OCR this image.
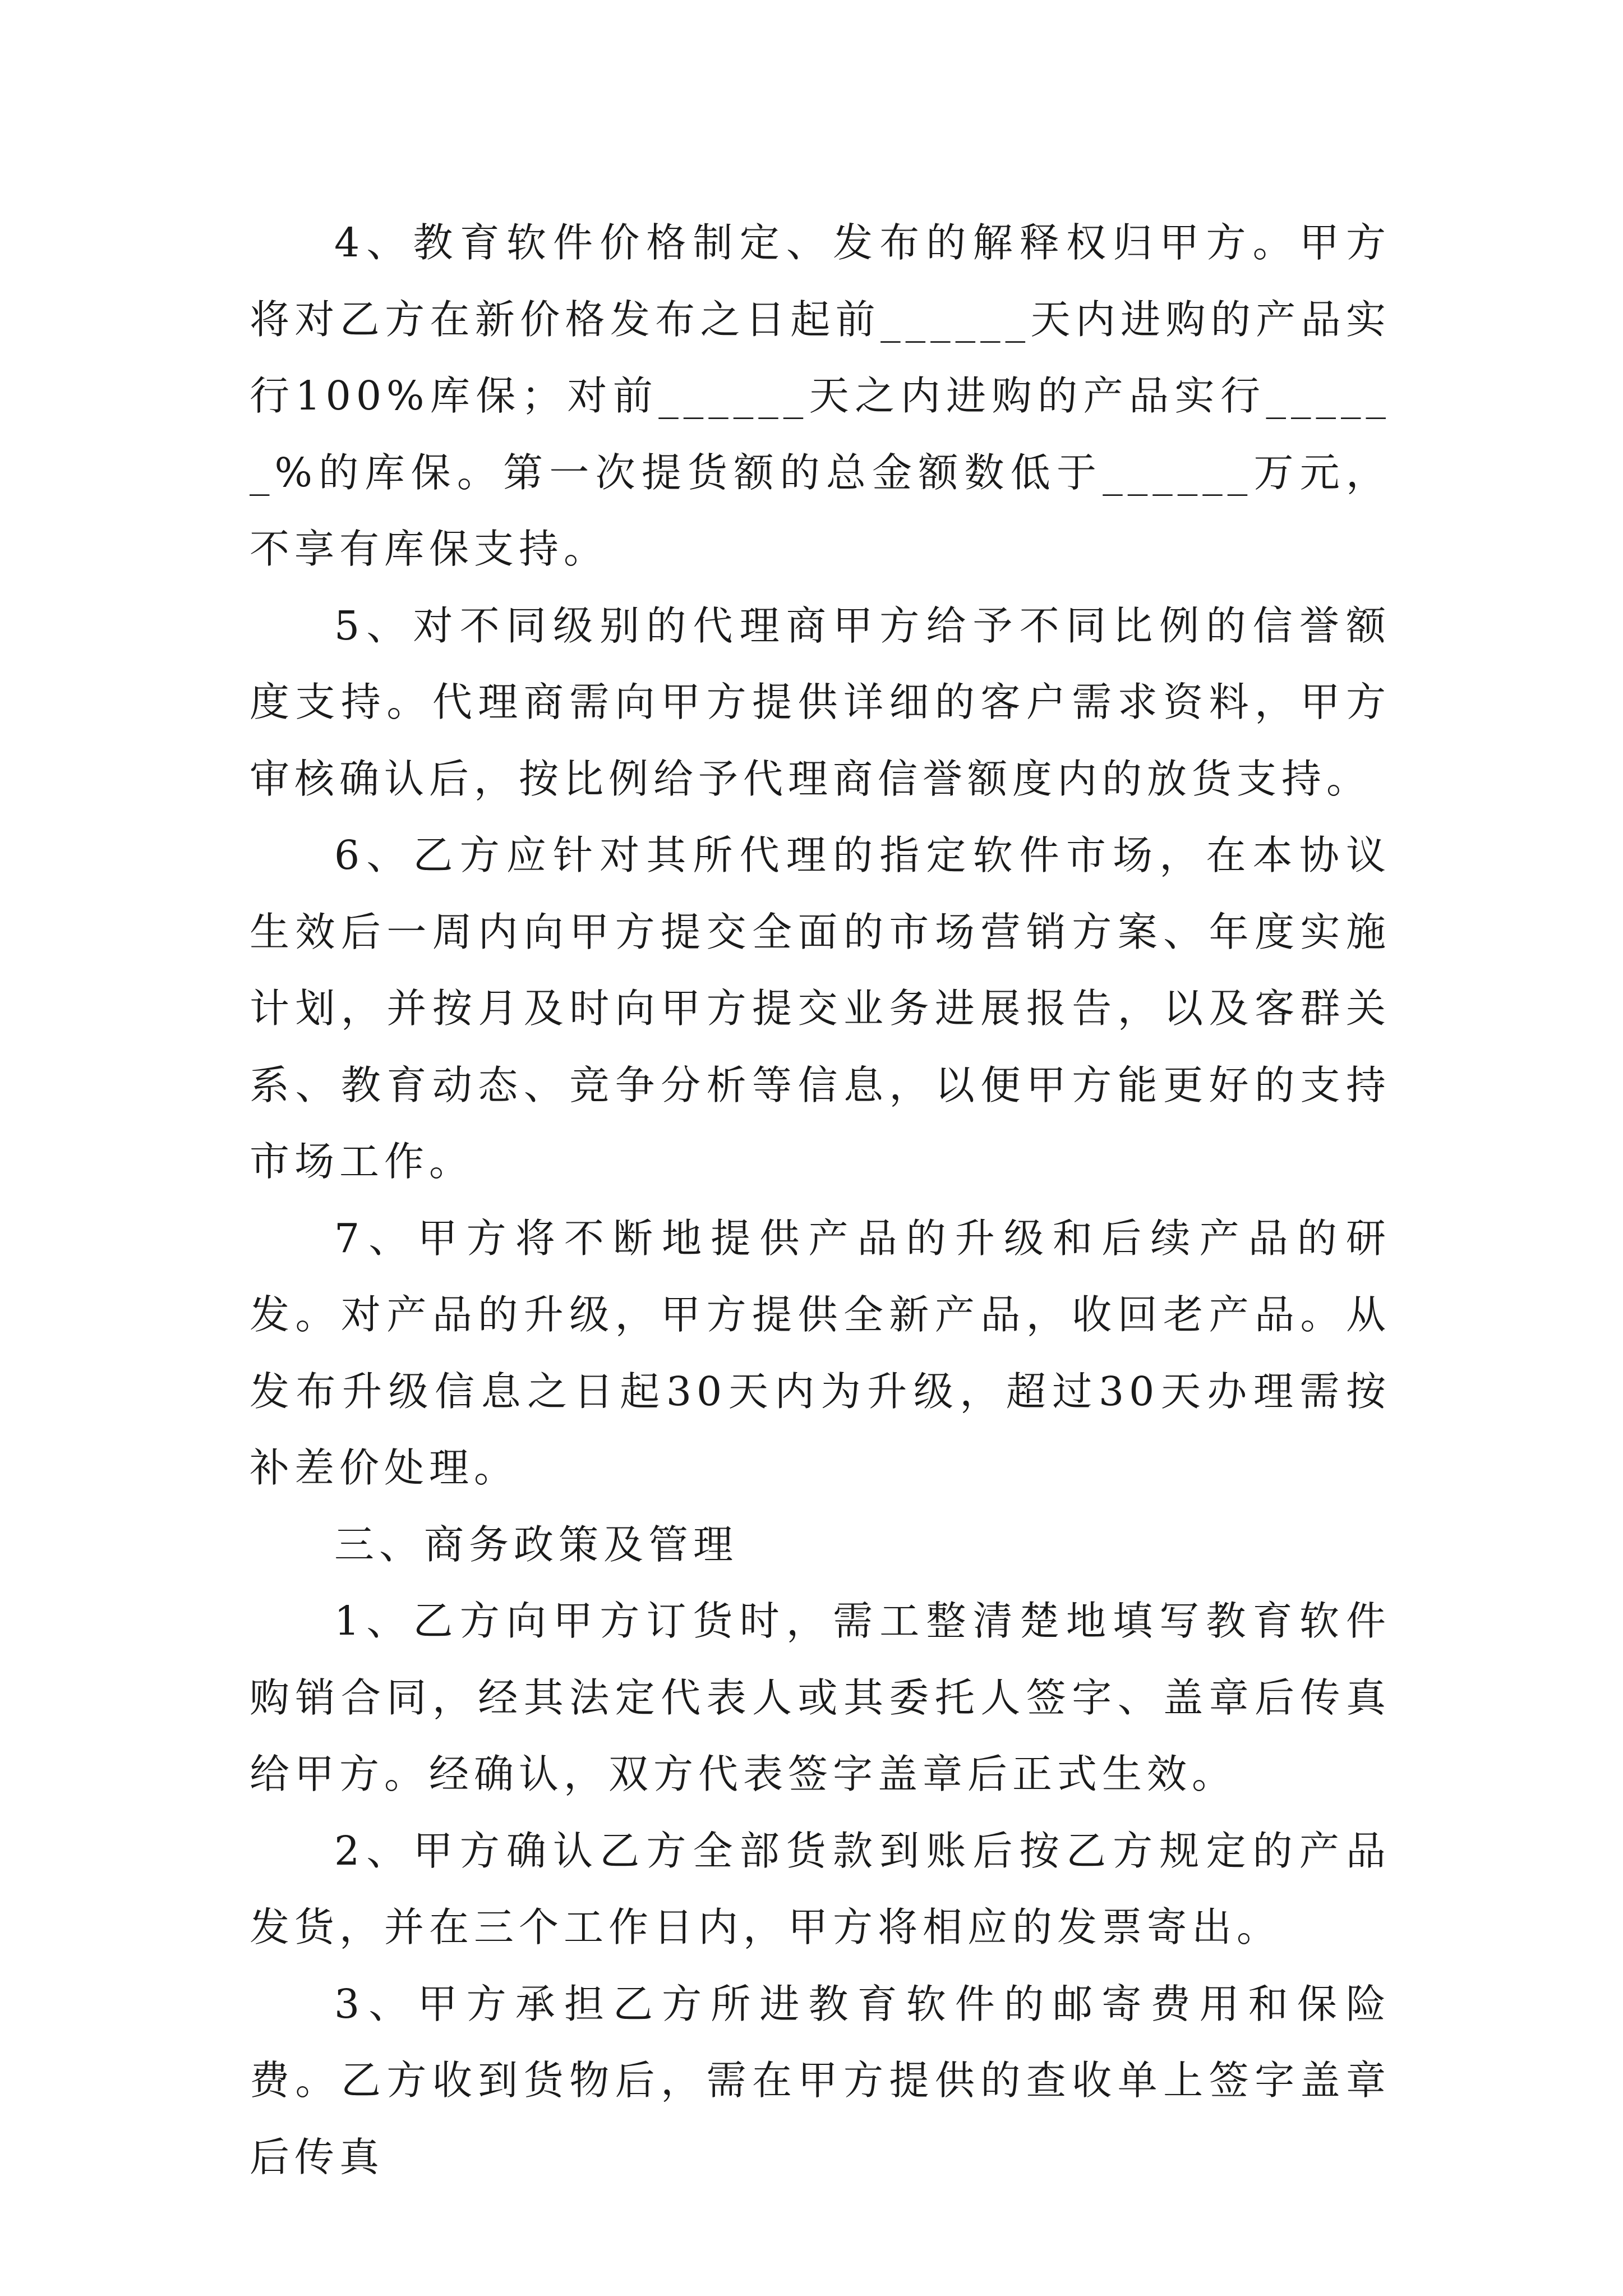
4、教育软件价格制定、发布的解释权归甲方。甲方将对乙方在新价格发布之日起前______天内进购的产品实行100%库保；对前______天之内进购的产品实行______%的库保。第一次提货额的总金额数低于______万元，不享有库保支持。

5、对不同级别的代理商甲方给予不同比例的信誉额度支持。代理商需向甲方提供详细的客户需求资料，甲方审核确认后，按比例给予代理商信誉额度内的放货支持。

6、乙方应针对其所代理的指定软件市场，在本协议生效后一周内向甲方提交全面的市场营销方案、年度实施计划，并按月及时向甲方提交业务进展报告，以及客群关系、教育动态、竞争分析等信息，以便甲方能更好的支持市场工作。

7、甲方将不断地提供产品的升级和后续产品的研发。对产品的升级，甲方提供全新产品，收回老产品。从发布升级信息之日起30天内为升级，超过30天办理需按补差价处理。

三、商务政策及管理

1、乙方向甲方订货时，需工整清楚地填写教育软件购销合同，经其法定代表人或其委托人签字、盖章后传真给甲方。经确认，双方代表签字盖章后正式生效。

2、甲方确认乙方全部货款到账后按乙方规定的产品发货，并在三个工作日内，甲方将相应的发票寄出。

3、甲方承担乙方所进教育软件的邮寄费用和保险费。乙方收到货物后，需在甲方提供的查收单上签字盖章后传真
